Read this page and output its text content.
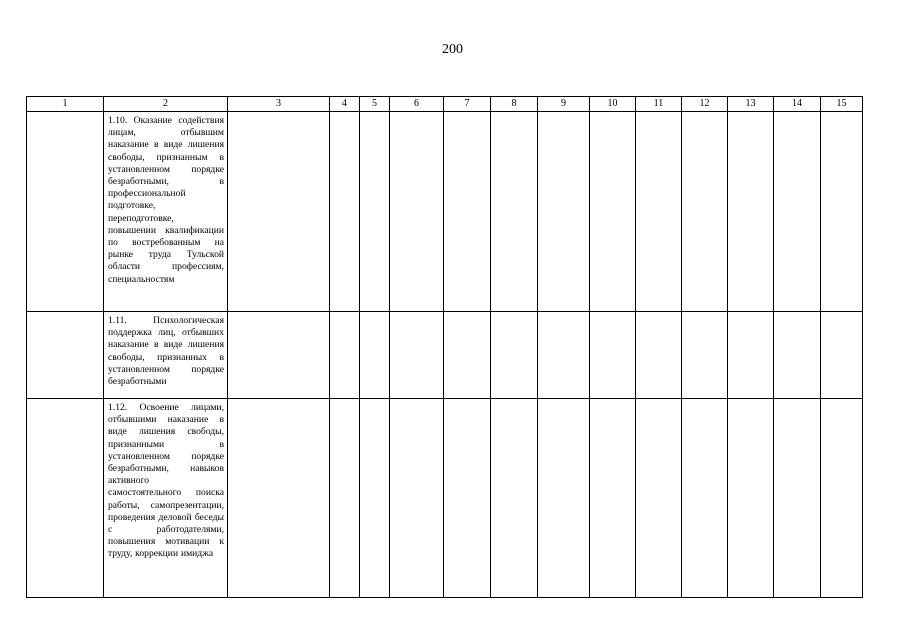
200
1	2	3	4	5	6	7	8	9	10	11	12	13	14	15

	1.10. Оказание содействия лицам, отбывшим наказание в виде лишения свободы, признанным в установленном порядке безработными, в профессиональной подготовке, переподготовке, повышении квалификации по востребованным на рынке труда Тульской области профессиям, специальностям													

	1.11. Психологическая поддержка лиц, отбывших наказание в виде лишения свободы, признанных в установленном порядке безработными													

	1.12. Освоение лицами, отбывшими наказание в виде лишения свободы, признанными в установленном порядке безработными, навыков активного самостоятельного поиска работы, самопрезентации, проведения деловой беседы с работодателями, повышения мотивации к труду, коррекции имиджа													
